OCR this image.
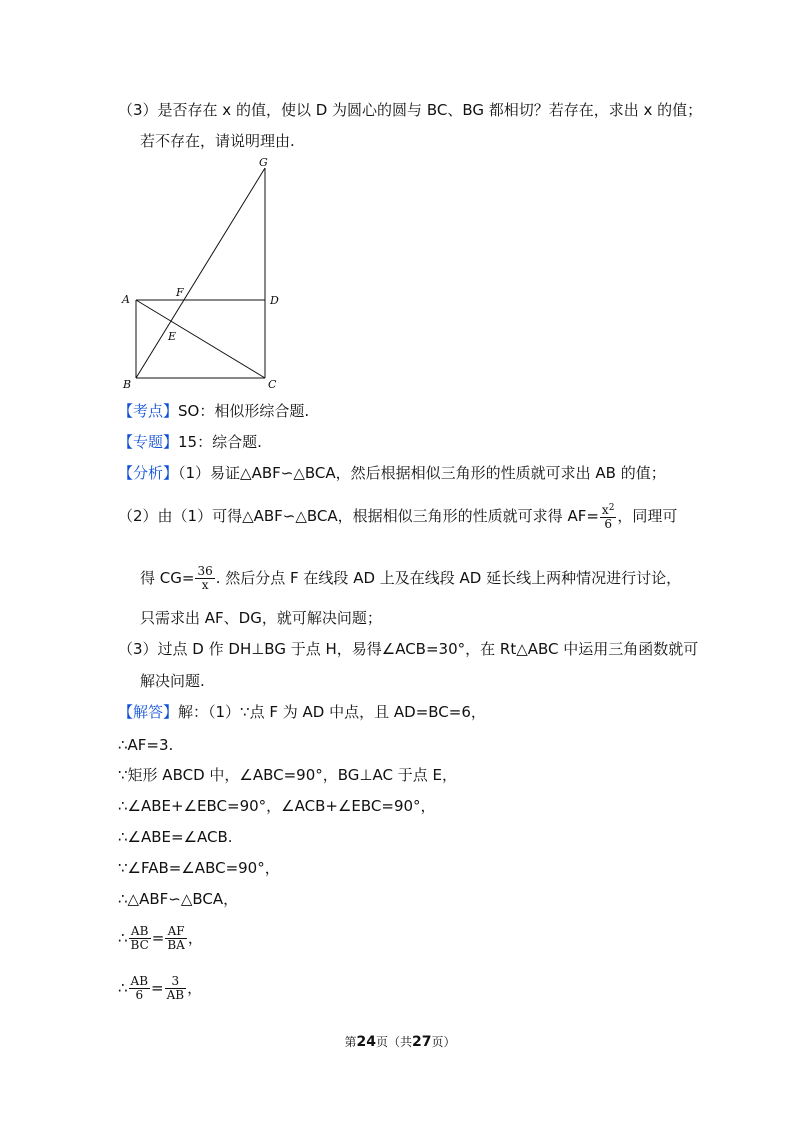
（3）是否存在 x 的值，使以 D 为圆心的圆与 BC、BG 都相切？若存在，求出 x 的值；
若不存在，请说明理由.
G
A
F
D
E
B	C
【考点】SO：相似形综合题.
【专题】15：综合题.
【分析】（1）易证△ABF∽△BCA，然后根据相似三角形的性质就可求出 AB 的值；
（2）由（1）可得△ABF∽△BCA，根据相似三角形的性质就可求得 $AF= \frac{x^2}{6}$ ，同理可
得 $CG= \frac{36}{x}$ . 然后分点 F 在线段 AD 上及在线段 AD 延长线上两种情况进行讨论，
只需求出 AF、DG，就可解决问题；
（3）过点 D 作 DH⊥BG 于点 H，易得∠ACB=30°，在 Rt△ABC 中运用三角函数就可
解决问题.
【解答】解：（1）∵点 F 为 AD 中点，且 AD=BC=6，
∴AF=3.
∵矩形 ABCD 中，∠ABC=90°，BG⊥AC 于点 E，
∴∠ABE+∠EBC=90°，∠ACB+∠EBC=90°，
∴∠ABE=∠ACB.
∵∠FAB=∠ABC=90°，
∴△ABF∽△BCA，
∴ $\frac{AB}{BC} = \frac{AF}{BA}$ ，
∴ $\frac{AB}{6} = \frac{3}{AB}$ ，
第24页（共27页）
